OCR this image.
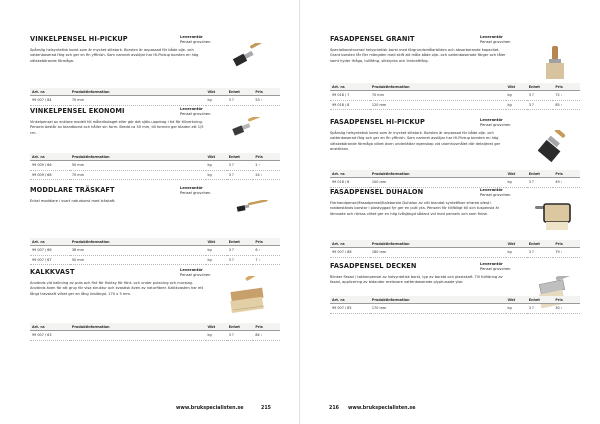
VINKELPENSEL HI-PICKUP	Leverantör
Pensel gruvchen
Spånslig helsyntetisk borst som är mycket slitstark. Borsten är anpassad för både olje- och vattenbaserad färg och ger en fin yffinish. Som namnet avslöjar har Hi-Pickup borsten en hög vätskebärande förmåga.
Art. nr.	Produktinformation	Vikt	Enhet	Pris
99 007 / 84	70 mm	kg	3 ?	53 ›
VINKELPENSEL EKONOMI	Leverantör
Pensel gruvchen
Vinkelpensel av enklare modell till måleribolaget eller gör det själv-uppdrag i tid för tillverkning. Penseln består av blandborst och håller sin form. Bredd ca 50 mm, till formen ger bladen ett 1/5 cm.
Art. nr.	Produktinformation	Vikt	Enhet	Pris
99 009 / 66	50 mm	kg	3 ?	2 ›
99 009 / 68	70 mm	kg	3 ?	24 ›
MODDLARE TRÄSKAFT	Leverantör
Pensel gruvchen
Enkel moddlare i svart naturborst med träskaft.
Art. nr.	Produktinformation	Vikt	Enhet	Pris
99 007 / 66	38 mm	kg	3 ?	6 ›
99 007 / 67	50 mm	kg	3 ?	7 ›
KALKKVAST	Leverantör
Pensel gruvchen
Används vid kalkning av puts och fint för fluktsy för fönt- och under putsning och mursiag. Används även för att gruy för visa struktur och kvastisk även av naturfibrer. Kalkkvasten har ett långt travskaft vilket ger en lång livslängd. 170 x 5 mm.
Art. nr.	Produktinformation	Vikt	Enhet	Pris
99 007 / 63		kg	3 ?	84 ›
www.brukspecialisten.se	215
FASADPENSEL GRANIT	Leverantör
Pensel gruvchen
Specialkonstruerad helsyntetisk borst med förgrundsmålarbilden och absorberande kapacitet. Grant borsten får fler mängden med skift att måla både olje- och vattenbaserade färger och tåler samt hyder ifråga, tullifäng, slitstyrka och limkraftfärg.
Art. nr.	Produktinformation	Vikt	Enhet	Pris
99 018 / 7	70 mm	kg	3 ?	72 ›
99 018 / 8	120 mm	kg	3 ?	85 ›
FASADPENSEL HI-PICKUP	Leverantör
Pensel gruvchen
Spånslig helsyntetisk borst som är mycket slitstark. Borsten är anpassad för både olje- och vattenbaserad färg och ger en fin yffinish. Som namnet avslöjar har Hi-Pickup borsten en hög vätskebärande förmåga vilket även underlättar egenskap vid utomhusmålet där detaljerat ger anstärkan.
Art. nr.	Produktinformation	Vikt	Enhet	Pris
99 018 / 6	100 mm	kg	3 ?	49 ›
FASADPENSEL DUHALON	Leverantör
Pensel gruvchen
Flerhandpensel/Fasadpensel/Kalkborste Duhalon av vitt blandat syntetfiber sfrarea ofest i rostbeständs borstar i plastyggad fyr ger en putt yta. Penseln för tillfälligt till och tuspensla är lämnade och rörkas vilket ger en hög tvåsjängd sådant vid med penseln och som finish.
Art. nr.	Produktinformation	Vikt	Enhet	Pris
99 007 / 88	180 mm	kg	3 ?	79 ›
FASADPENSEL DECKEN	Leverantör
Pensel gruvchen
Blinker Fasad / takkenpensel av helsyntetisk borst, typ av borstd och plastskaft. Till fulltäring av fasad, applicering av bidander erelavare vattenbaserade plyphusade ytor.
Art. nr.	Produktinformation	Vikt	Enhet	Pris
99 007 / 85	170 mm	kg	3 ?	30 ›
216	www.brukspecialisten.se
